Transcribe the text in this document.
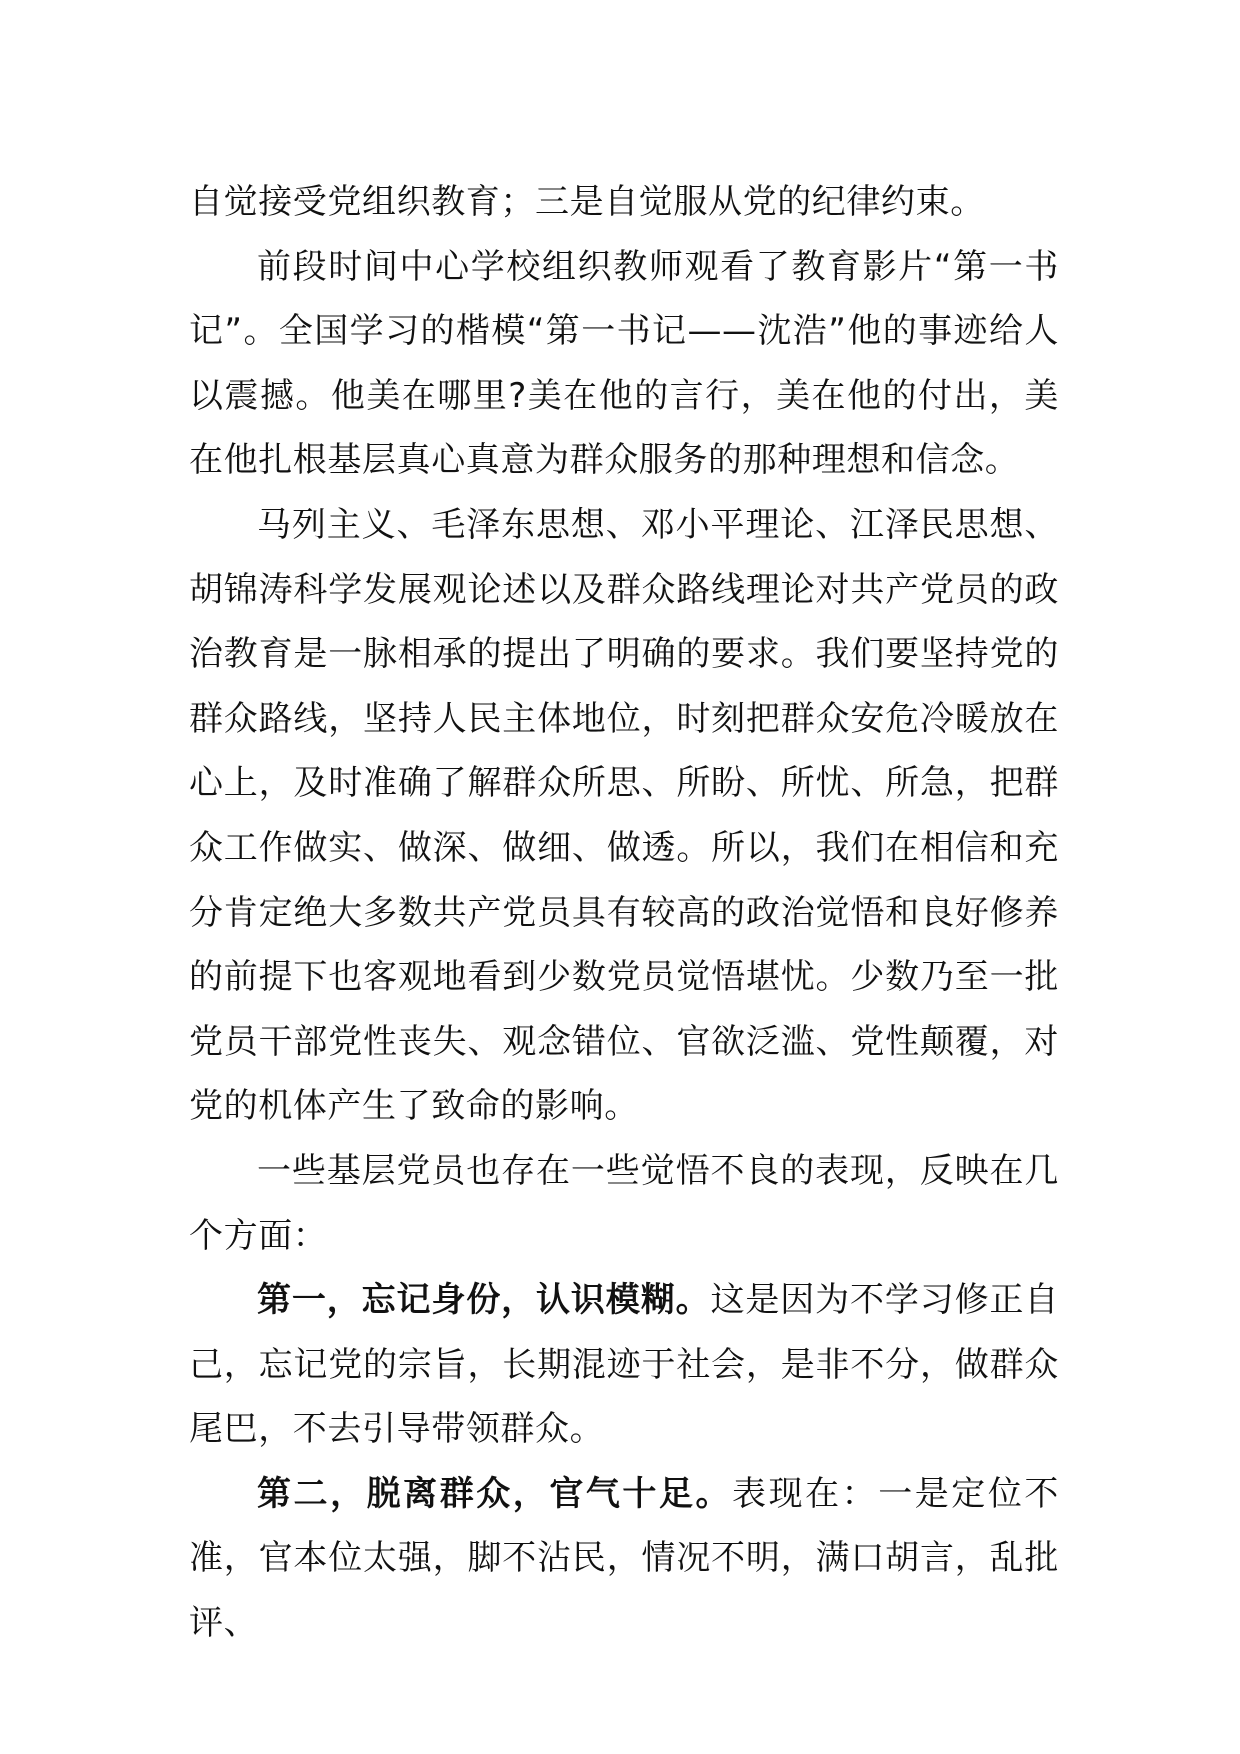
自觉接受党组织教育；三是自觉服从党的纪律约束。

前段时间中心学校组织教师观看了教育影片“第一书记”。全国学习的楷模“第一书记——沈浩”他的事迹给人以震撼。他美在哪里?美在他的言行，美在他的付出，美在他扎根基层真心真意为群众服务的那种理想和信念。

马列主义、毛泽东思想、邓小平理论、江泽民思想、胡锦涛科学发展观论述以及群众路线理论对共产党员的政治教育是一脉相承的提出了明确的要求。我们要坚持党的群众路线，坚持人民主体地位，时刻把群众安危冷暖放在心上，及时准确了解群众所思、所盼、所忧、所急，把群众工作做实、做深、做细、做透。所以，我们在相信和充分肯定绝大多数共产党员具有较高的政治觉悟和良好修养的前提下也客观地看到少数党员觉悟堪忧。少数乃至一批党员干部党性丧失、观念错位、官欲泛滥、党性颠覆，对党的机体产生了致命的影响。

一些基层党员也存在一些觉悟不良的表现，反映在几个方面：

第一，忘记身份，认识模糊。这是因为不学习修正自己，忘记党的宗旨，长期混迹于社会，是非不分，做群众尾巴，不去引导带领群众。

第二，脱离群众，官气十足。表现在：一是定位不准，官本位太强，脚不沾民，情况不明，满口胡言，乱批评、
